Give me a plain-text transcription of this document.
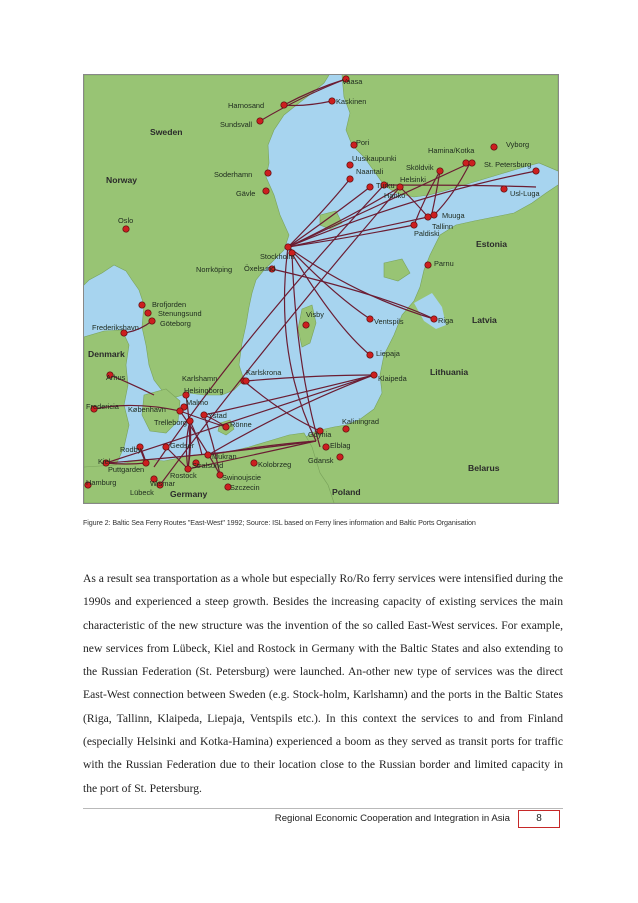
Sweden
Norway
Estonia
Latvia
Denmark
Lithuania
Belarus
Germany	Poland
Vaasa
Harnosand	Kaskinen
Sundsvall
Pori
Uusikaupunki
Naantali
Hamina/Kotka
Vyborg
St. Petersburg
Sköldvik
Helsinki
Turku
Hanko
Soderhamn
Gävle	Usl-Luga
Muuga
Tallinn
Paldiski
Oslo
Stockholm
Parnu
Norrköping Öxelsund
Brofjorden
Stenungsund
Göteborg
Visby
Ventspils	Riga
Frederikshavn
Liepaja
Karlskrona
Karlshamn	Klaipeda
Arhus
Helsingborg
Malmo
Fredericia København
Ystad
Trelleborg	Rönne	Kaliningrad
Gdynia
Elblag
Gdansk
Rodby	Gedser
Mukran
Stralsund
Kiel
Puttgarden
Rostock
Kolobrzeg
Swinoujscie
Hamburg	Wismar
Lübeck
Szczecin
Figure 2: Baltic Sea Ferry Routes "East-West" 1992; Source: ISL based on Ferry lines information and Baltic Ports Organisation

As a result sea transportation as a whole but especially Ro/Ro ferry services were intensified during the 1990s and experienced a steep growth. Besides the increasing capacity of existing services the main characteristic of the new structure was the invention of the so called East-West services. For example, new services from Lübeck, Kiel and Rostock in Germany with the Baltic States and also extending to the Russian Federation (St. Petersburg) were launched. An-other new type of services was the direct East-West connection between Sweden (e.g. Stock-holm, Karlshamn) and the ports in the Baltic States (Riga, Tallinn, Klaipeda, Liepaja, Ventspils etc.). In this context the services to and from Finland (especially Helsinki and Kotka-Hamina) experienced a boom as they served as transit ports for traffic with the Russian Federation due to their location close to the Russian border and limited capacity in the port of St. Petersburg.

Regional Economic Cooperation and Integration in Asia	8
